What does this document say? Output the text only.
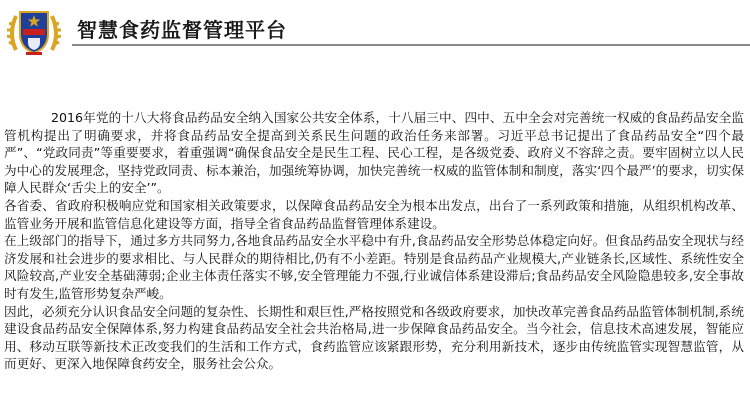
智慧食药监督管理平台

2016年党的十八大将食品药品安全纳入国家公共安全体系，十八届三中、四中、五中全会对完善统一权威的食品药品安全监管机构提出了明确要求，并将食品药品安全提高到关系民生问题的政治任务来部署。习近平总书记提出了食品药品安全“四个最严”、“党政同责”等重要要求，着重强调“确保食品安全是民生工程、民心工程，是各级党委、政府义不容辞之责。要牢固树立以人民为中心的发展理念，坚持党政同责、标本兼治，加强统筹协调，加快完善统一权威的监管体制和制度，落实‘四个最严’的要求，切实保障人民群众‘舌尖上的安全’”。

各省委、省政府积极响应党和国家相关政策要求，以保障食品药品安全为根本出发点，出台了一系列政策和措施，从组织机构改革、监管业务开展和监管信息化建设等方面，指导全省食品药品监督管理体系建设。

在上级部门的指导下，通过多方共同努力,各地食品药品安全水平稳中有升,食品药品安全形势总体稳定向好。但食品药品安全现状与经济发展和社会进步的要求相比、与人民群众的期待相比,仍有不小差距。特别是食品药品产业规模大,产业链条长,区域性、系统性安全风险较高,产业安全基础薄弱;企业主体责任落实不够,安全管理能力不强,行业诚信体系建设滞后;食品药品安全风险隐患较多,安全事故时有发生,监管形势复杂严峻。

因此，必须充分认识食品安全问题的复杂性、长期性和艰巨性,严格按照党和各级政府要求，加快改革完善食品药品监管体制机制,系统建设食品药品安全保障体系,努力构建食品药品安全社会共治格局,进一步保障食品药品安全。当今社会，信息技术高速发展，智能应用、移动互联等新技术正改变我们的生活和工作方式，食药监管应该紧跟形势，充分利用新技术，逐步由传统监管实现智慧监管，从而更好、更深入地保障食药安全，服务社会公众。
